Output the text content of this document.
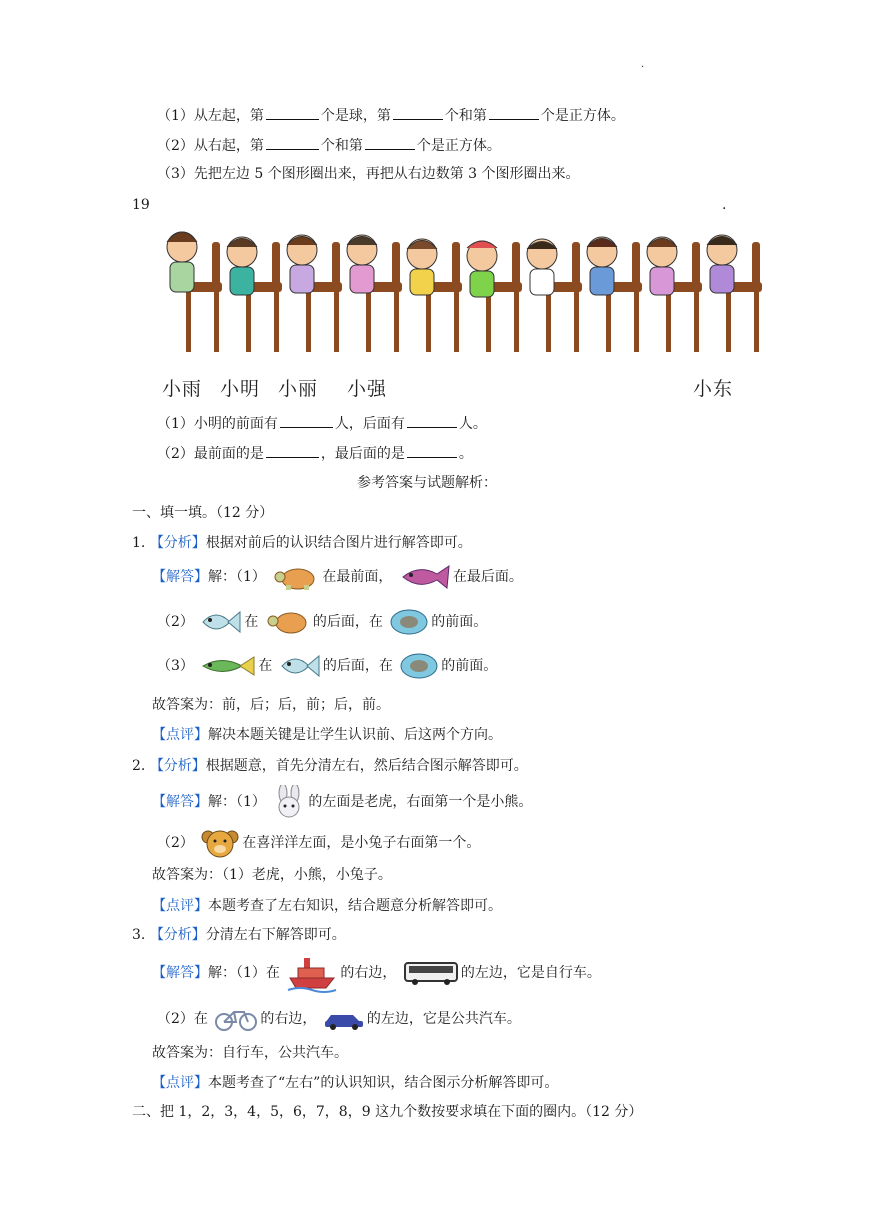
.
（1）从左起，第	个是球，第	个和第	个是正方体。
（2）从右起，第	个和第	个是正方体。
（3）先把左边 5 个图形圈出来，再把从右边数第 3 个图形圈出来。
19	.
小雨 小明 小丽 小强	小东
（1）小明的前面有	人，后面有	人。
（2）最前面的是	，最后面的是	。
参考答案与试题解析：
一、填一填。（12 分）
1. 【分析】根据对前后的认识结合图片进行解答即可。
【解答】解：（1）	在最前面，	在最后面。
（2）	在	的后面，在	的前面。
（3）	在	的后面，在	的前面。
故答案为：前，后；后，前；后，前。
【点评】解决本题关键是让学生认识前、后这两个方向。
2. 【分析】根据题意，首先分清左右，然后结合图示解答即可。
【解答】解：（1）	的左面是老虎，右面第一个是小熊。
（2）	在喜洋洋左面，是小兔子右面第一个。
故答案为：（1）老虎，小熊，小兔子。
【点评】本题考查了左右知识，结合题意分析解答即可。
3. 【分析】分清左右下解答即可。
【解答】解：（1）在	的右边，	的左边，它是自行车。
（2）在	的右边，	的左边，它是公共汽车。
故答案为：自行车，公共汽车。
【点评】本题考查了“左右”的认识知识，结合图示分析解答即可。
二、把 1，2，3，4，5，6，7，8，9 这九个数按要求填在下面的圈内。（12 分）
